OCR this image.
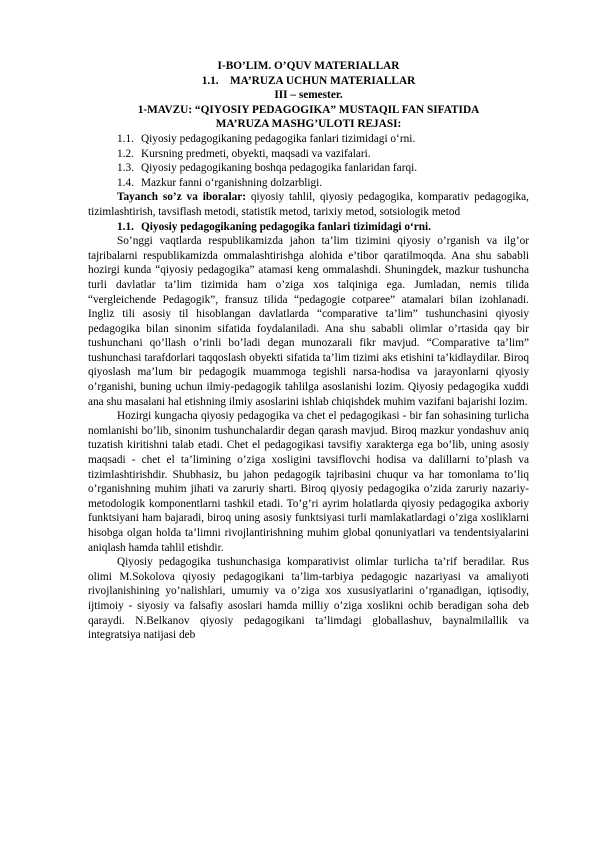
I-BO’LIM. O’QUV MATERIALLAR
1.1. MA’RUZA UCHUN MATERIALLAR
III – semester.
1-MAVZU: “QIYOSIY PEDAGOGIKA” MUSTAQIL FAN SIFATIDA
MA’RUZA MASHG’ULOTI REJASI:
1.1. Qiyosiy pedagogikaning pedagogika fanlari tizimidagi o‘rni.
1.2. Kursning predmeti, obyekti, maqsadi va vazifalari.
1.3. Qiyosiy pedagogikaning boshqa pedagogika fanlaridan farqi.
1.4. Mazkur fanni o‘rganishning dolzarbligi.

Tayanch so’z va iboralar: qiyosiy tahlil, qiyosiy pedagogika, komparativ pedagogika, tizimlashtirish, tavsiflash metodi, statistik metod, tarixiy metod, sotsiologik metod

1.1. Qiyosiy pedagogikaning pedagogika fanlari tizimidagi o‘rni.

So’nggi vaqtlarda respublikamizda jahon ta’lim tizimini qiyosiy o’rganish va ilg’or tajribalarni respublikamizda ommalashtirishga alohida e’tibor qaratilmoqda. Ana shu sababli hozirgi kunda “qiyosiy pedagogika” atamasi keng ommalashdi. Shuningdek, mazkur tushuncha turli davlatlar ta’lim tizimida ham o’ziga xos talqiniga ega. Jumladan, nemis tilida “vergleichende Pedagogik”, fransuz tilida “pedagogie cotparee” atamalari bilan izohlanadi. Ingliz tili asosiy til hisoblangan davlatlarda “comparative ta’lim” tushunchasini qiyosiy pedagogika bilan sinonim sifatida foydalaniladi. Ana shu sababli olimlar o’rtasida qay bir tushunchani qo’llash o’rinli bo’ladi degan munozarali fikr mavjud. “Comparative ta’lim” tushunchasi tarafdorlari taqqoslash obyekti sifatida ta’lim tizimi aks etishini ta’kidlaydilar. Biroq qiyoslash ma’lum bir pedagogik muammoga tegishli narsa-hodisa va jarayonlarni qiyosiy o’rganishi, buning uchun ilmiy-pedagogik tahlilga asoslanishi lozim. Qiyosiy pedagogika xuddi ana shu masalani hal etishning ilmiy asoslarini ishlab chiqishdek muhim vazifani bajarishi lozim.

Hozirgi kungacha qiyosiy pedagogika va chet el pedagogikasi - bir fan sohasining turlicha nomlanishi bo’lib, sinonim tushunchalardir degan qarash mavjud. Biroq mazkur yondashuv aniq tuzatish kiritishni talab etadi. Chet el pedagogikasi tavsifiy xarakterga ega bo’lib, uning asosiy maqsadi - chet el ta’limining o’ziga xosligini tavsiflovchi hodisa va dalillarni to’plash va tizimlashtirishdir. Shubhasiz, bu jahon pedagogik tajribasini chuqur va har tomonlama to’liq o’rganishning muhim jihati va zaruriy sharti. Biroq qiyosiy pedagogika o’zida zaruriy nazariy-metodologik komponentlarni tashkil etadi. To’g’ri ayrim holatlarda qiyosiy pedagogika axboriy funktsiyani ham bajaradi, biroq uning asosiy funktsiyasi turli mamlakatlardagi o’ziga xosliklarni hisobga olgan holda ta’limni rivojlantirishning muhim global qonuniyatlari va tendentsiyalarini aniqlash hamda tahlil etishdir.

Qiyosiy pedagogika tushunchasiga komparativist olimlar turlicha ta’rif beradilar. Rus olimi M.Sokolova qiyosiy pedagogikani ta’lim-tarbiya pedagogic nazariyasi va amaliyoti rivojlanishining yo’nalishlari, umumiy va o’ziga xos xususiyatlarini o’rganadigan, iqtisodiy, ijtimoiy - siyosiy va falsafiy asoslari hamda milliy o’ziga xoslikni ochib beradigan soha deb qaraydi. N.Belkanov qiyosiy pedagogikani ta’limdagi globallashuv, baynalmilallik va integratsiya natijasi deb
